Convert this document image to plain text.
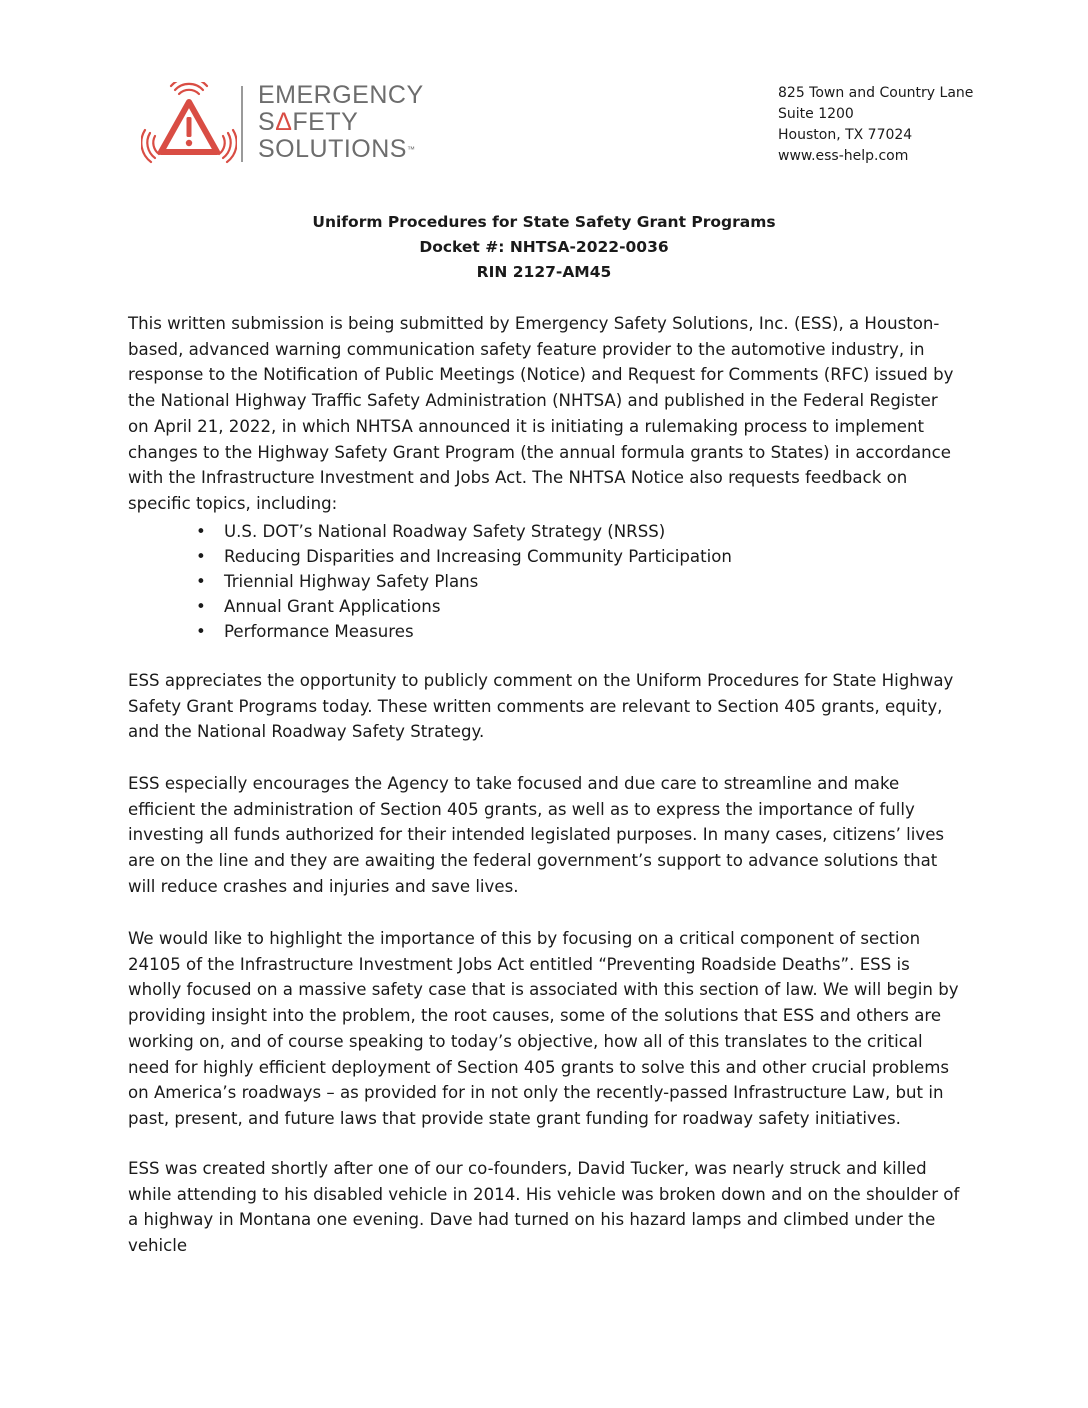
EMERGENCY
SΔFETY
SOLUTIONS™
825 Town and Country Lane
Suite 1200
Houston, TX 77024
www.ess-help.com
Uniform Procedures for State Safety Grant Programs
Docket #: NHTSA-2022-0036
RIN 2127-AM45

This written submission is being submitted by Emergency Safety Solutions, Inc. (ESS), a Houston-based, advanced warning communication safety feature provider to the automotive industry, in response to the Notification of Public Meetings (Notice) and Request for Comments (RFC) issued by the National Highway Traffic Safety Administration (NHTSA) and published in the Federal Register on April 21, 2022, in which NHTSA announced it is initiating a rulemaking process to implement changes to the Highway Safety Grant Program (the annual formula grants to States) in accordance with the Infrastructure Investment and Jobs Act. The NHTSA Notice also requests feedback on specific topics, including:

• U.S. DOT’s National Roadway Safety Strategy (NRSS)
• Reducing Disparities and Increasing Community Participation
• Triennial Highway Safety Plans
• Annual Grant Applications
• Performance Measures

ESS appreciates the opportunity to publicly comment on the Uniform Procedures for State Highway Safety Grant Programs today. These written comments are relevant to Section 405 grants, equity, and the National Roadway Safety Strategy.

ESS especially encourages the Agency to take focused and due care to streamline and make efficient the administration of Section 405 grants, as well as to express the importance of fully investing all funds authorized for their intended legislated purposes. In many cases, citizens’ lives are on the line and they are awaiting the federal government’s support to advance solutions that will reduce crashes and injuries and save lives.

We would like to highlight the importance of this by focusing on a critical component of section 24105 of the Infrastructure Investment Jobs Act entitled “Preventing Roadside Deaths”. ESS is wholly focused on a massive safety case that is associated with this section of law. We will begin by providing insight into the problem, the root causes, some of the solutions that ESS and others are working on, and of course speaking to today’s objective, how all of this translates to the critical need for highly efficient deployment of Section 405 grants to solve this and other crucial problems on America’s roadways – as provided for in not only the recently-passed Infrastructure Law, but in past, present, and future laws that provide state grant funding for roadway safety initiatives.

ESS was created shortly after one of our co-founders, David Tucker, was nearly struck and killed while attending to his disabled vehicle in 2014. His vehicle was broken down and on the shoulder of a highway in Montana one evening. Dave had turned on his hazard lamps and climbed under the vehicle
